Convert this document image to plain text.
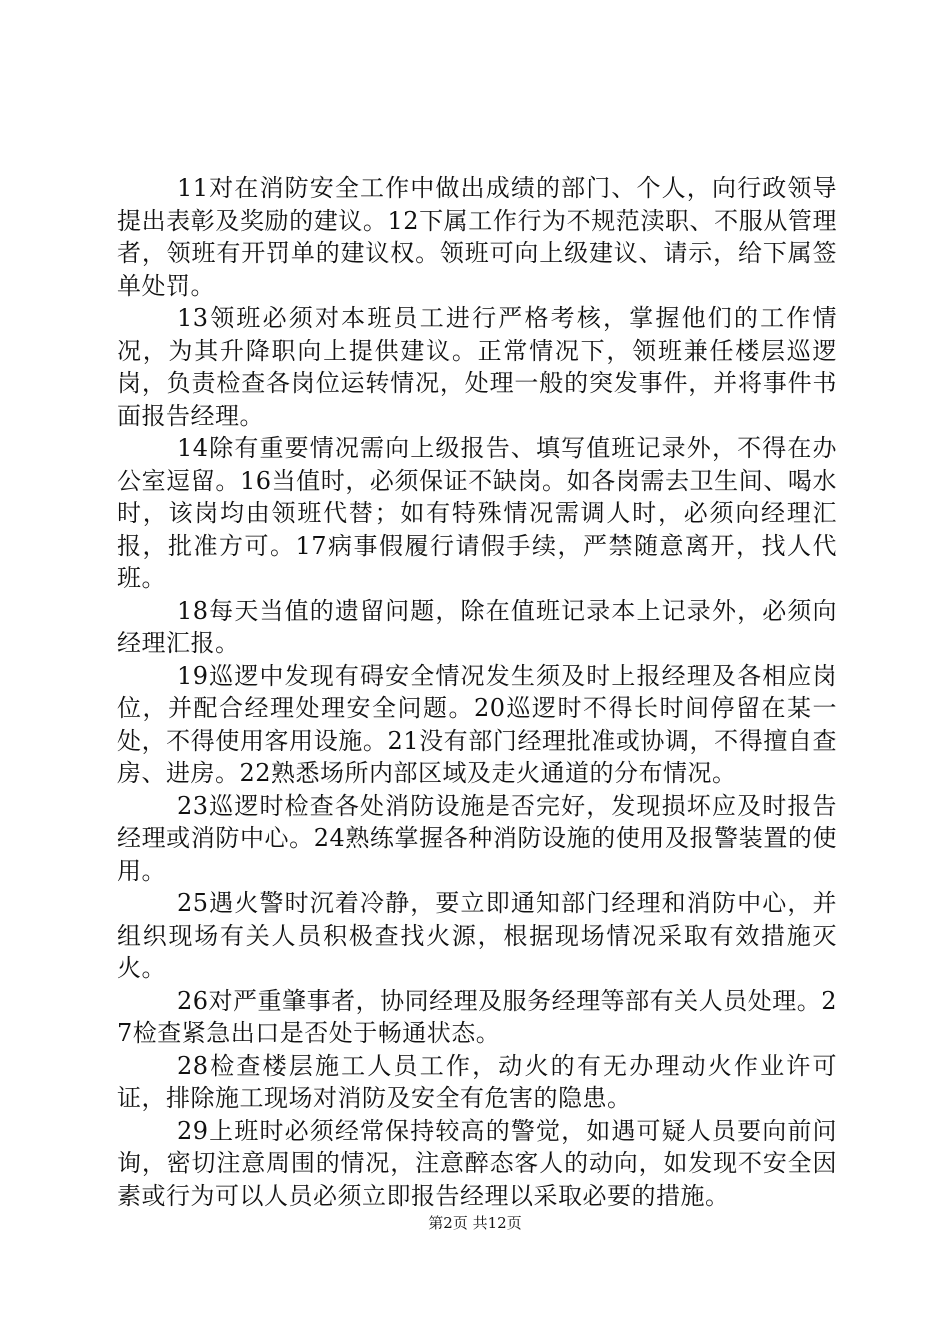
11对在消防安全工作中做出成绩的部门、个人，向行政领导提出表彰及奖励的建议。12下属工作行为不规范渎职、不服从管理者，领班有开罚单的建议权。领班可向上级建议、请示，给下属签单处罚。

13领班必须对本班员工进行严格考核，掌握他们的工作情况，为其升降职向上提供建议。正常情况下，领班兼任楼层巡逻岗，负责检查各岗位运转情况，处理一般的突发事件，并将事件书面报告经理。

14除有重要情况需向上级报告、填写值班记录外，不得在办公室逗留。16当值时，必须保证不缺岗。如各岗需去卫生间、喝水时，该岗均由领班代替；如有特殊情况需调人时，必须向经理汇报，批准方可。17病事假履行请假手续，严禁随意离开，找人代班。

18每天当值的遗留问题，除在值班记录本上记录外，必须向经理汇报。

19巡逻中发现有碍安全情况发生须及时上报经理及各相应岗位，并配合经理处理安全问题。20巡逻时不得长时间停留在某一处，不得使用客用设施。21没有部门经理批准或协调，不得擅自查房、进房。22熟悉场所内部区域及走火通道的分布情况。

23巡逻时检查各处消防设施是否完好，发现损坏应及时报告经理或消防中心。24熟练掌握各种消防设施的使用及报警装置的使用。

25遇火警时沉着冷静，要立即通知部门经理和消防中心，并组织现场有关人员积极查找火源，根据现场情况采取有效措施灭火。

26对严重肇事者，协同经理及服务经理等部有关人员处理。27检查紧急出口是否处于畅通状态。

28检查楼层施工人员工作，动火的有无办理动火作业许可证，排除施工现场对消防及安全有危害的隐患。

29上班时必须经常保持较高的警觉，如遇可疑人员要向前问询，密切注意周围的情况，注意醉态客人的动向，如发现不安全因素或行为可以人员必须立即报告经理以采取必要的措施。

第2页 共12页
